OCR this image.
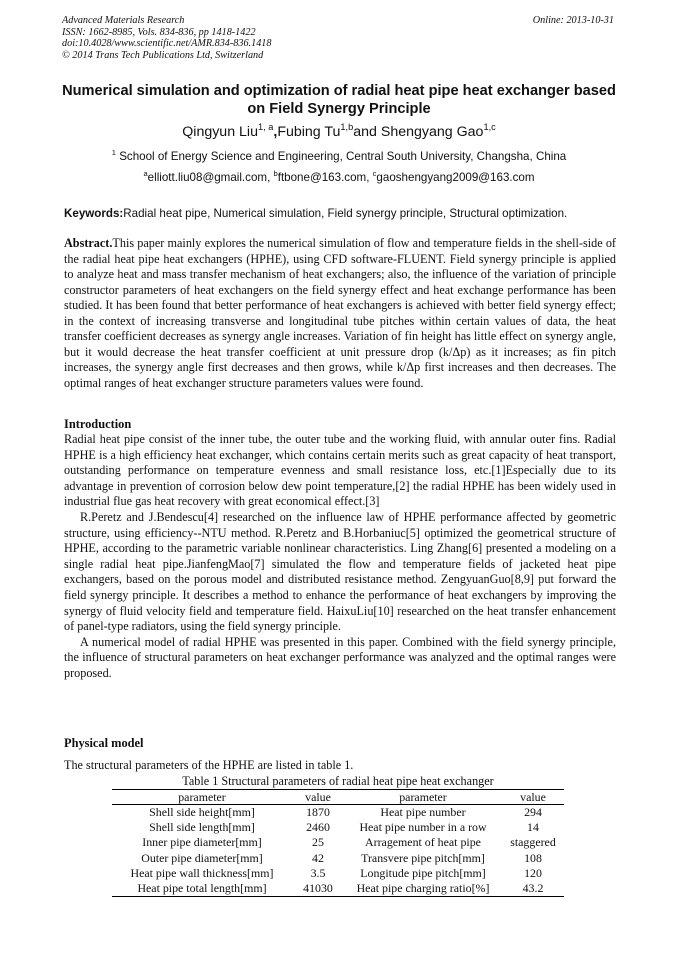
Advanced Materials Research
ISSN: 1662-8985, Vols. 834-836, pp 1418-1422
doi:10.4028/www.scientific.net/AMR.834-836.1418
© 2014 Trans Tech Publications Ltd, Switzerland
Online: 2013-10-31
Numerical simulation and optimization of radial heat pipe heat exchanger based on Field Synergy Principle
Qingyun Liu$^{1, a}$,Fubing Tu$^{1,b}$and Shengyang Gao$^{1,c}$
$^1$ School of Energy Science and Engineering, Central South University, Changsha, China
$^a$elliott.liu08@gmail.com, $^b$ftbone@163.com, $^c$gaoshengyang2009@163.com
Keywords:Radial heat pipe, Numerical simulation, Field synergy principle, Structural optimization.
Abstract.This paper mainly explores the numerical simulation of flow and temperature fields in the shell-side of the radial heat pipe heat exchangers (HPHE), using CFD software-FLUENT. Field synergy principle is applied to analyze heat and mass transfer mechanism of heat exchangers; also, the influence of the variation of principle constructor parameters of heat exchangers on the field synergy effect and heat exchange performance has been studied. It has been found that better performance of heat exchangers is achieved with better field synergy effect; in the context of increasing transverse and longitudinal tube pitches within certain values of data, the heat transfer coefficient decreases as synergy angle increases. Variation of fin height has little effect on synergy angle, but it would decrease the heat transfer coefficient at unit pressure drop (k/Δp) as it increases; as fin pitch increases, the synergy angle first decreases and then grows, while k/Δp first increases and then decreases. The optimal ranges of heat exchanger structure parameters values were found.
Introduction

Radial heat pipe consist of the inner tube, the outer tube and the working fluid, with annular outer fins. Radial HPHE is a high efficiency heat exchanger, which contains certain merits such as great capacity of heat transport, outstanding performance on temperature evenness and small resistance loss, etc.[1]Especially due to its advantage in prevention of corrosion below dew point temperature,[2] the radial HPHE has been widely used in industrial flue gas heat recovery with great economical effect.[3]

R.Peretz and J.Bendescu[4] researched on the influence law of HPHE performance affected by geometric structure, using efficiency--NTU method. R.Peretz and B.Horbaniuc[5] optimized the geometrical structure of HPHE, according to the parametric variable nonlinear characteristics. Ling Zhang[6] presented a modeling on a single radial heat pipe.JianfengMao[7] simulated the flow and temperature fields of jacketed heat pipe exchangers, based on the porous model and distributed resistance method. ZengyuanGuo[8,9] put forward the field synergy principle. It describes a method to enhance the performance of heat exchangers by improving the synergy of fluid velocity field and temperature field. HaixuLiu[10] researched on the heat transfer enhancement of panel-type radiators, using the field synergy principle.

A numerical model of radial HPHE was presented in this paper. Combined with the field synergy principle, the influence of structural parameters on heat exchanger performance was analyzed and the optimal ranges were proposed.

Physical model
The structural parameters of the HPHE are listed in table 1.
Table 1 Structural parameters of radial heat pipe heat exchanger
parameter	value	parameter	value
Shell side height[mm]	1870	Heat pipe number	294
Shell side length[mm]	2460	Heat pipe number in a row	14
Inner pipe diameter[mm]	25	Arragement of heat pipe	staggered
Outer pipe diameter[mm]	42	Transvere pipe pitch[mm]	108
Heat pipe wall thickness[mm]	3.5	Longitude pipe pitch[mm]	120
Heat pipe total length[mm]	41030	Heat pipe charging ratio[%]	43.2
